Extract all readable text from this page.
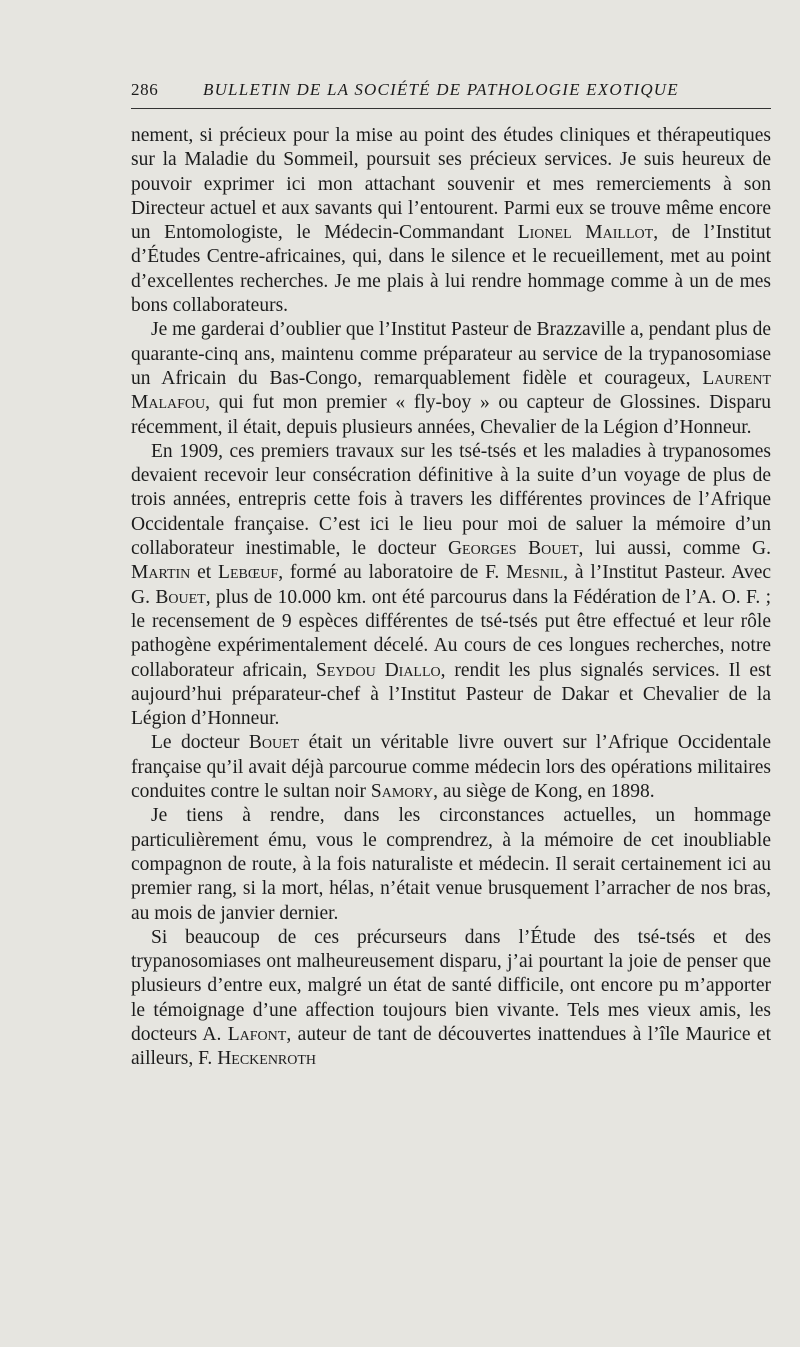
286	BULLETIN DE LA SOCIÉTÉ DE PATHOLOGIE EXOTIQUE

nement, si précieux pour la mise au point des études cliniques et thérapeutiques sur la Maladie du Sommeil, poursuit ses précieux services. Je suis heureux de pouvoir exprimer ici mon attachant souvenir et mes remerciements à son Directeur actuel et aux savants qui l’entourent. Parmi eux se trouve même encore un Entomologiste, le Médecin-Commandant Lionel Maillot, de l’Institut d’Études Centre-africaines, qui, dans le silence et le recueillement, met au point d’excellentes recherches. Je me plais à lui rendre hommage comme à un de mes bons collaborateurs.

Je me garderai d’oublier que l’Institut Pasteur de Brazzaville a, pendant plus de quarante-cinq ans, maintenu comme préparateur au service de la trypanosomiase un Africain du Bas-Congo, remarquablement fidèle et courageux, Laurent Malafou, qui fut mon premier « fly-boy » ou capteur de Glossines. Disparu récemment, il était, depuis plusieurs années, Chevalier de la Légion d’Honneur.

En 1909, ces premiers travaux sur les tsé-tsés et les maladies à trypanosomes devaient recevoir leur consécration définitive à la suite d’un voyage de plus de trois années, entrepris cette fois à travers les différentes provinces de l’Afrique Occidentale française. C’est ici le lieu pour moi de saluer la mémoire d’un collaborateur inestimable, le docteur Georges Bouet, lui aussi, comme G. Martin et Lebœuf, formé au laboratoire de F. Mesnil, à l’Institut Pasteur. Avec G. Bouet, plus de 10.000 km. ont été parcourus dans la Fédération de l’A. O. F. ; le recensement de 9 espèces différentes de tsé-tsés put être effectué et leur rôle pathogène expérimentalement décelé. Au cours de ces longues recherches, notre collaborateur africain, Seydou Diallo, rendit les plus signalés services. Il est aujourd’hui préparateur-chef à l’Institut Pasteur de Dakar et Chevalier de la Légion d’Honneur.

Le docteur Bouet était un véritable livre ouvert sur l’Afrique Occidentale française qu’il avait déjà parcourue comme médecin lors des opérations militaires conduites contre le sultan noir Samory, au siège de Kong, en 1898.

Je tiens à rendre, dans les circonstances actuelles, un hommage particulièrement ému, vous le comprendrez, à la mémoire de cet inoubliable compagnon de route, à la fois naturaliste et médecin. Il serait certainement ici au premier rang, si la mort, hélas, n’était venue brusquement l’arracher de nos bras, au mois de janvier dernier.

Si beaucoup de ces précurseurs dans l’Étude des tsé-tsés et des trypanosomiases ont malheureusement disparu, j’ai pourtant la joie de penser que plusieurs d’entre eux, malgré un état de santé difficile, ont encore pu m’apporter le témoignage d’une affection toujours bien vivante. Tels mes vieux amis, les docteurs A. Lafont, auteur de tant de découvertes inattendues à l’île Maurice et ailleurs, F. Heckenroth
